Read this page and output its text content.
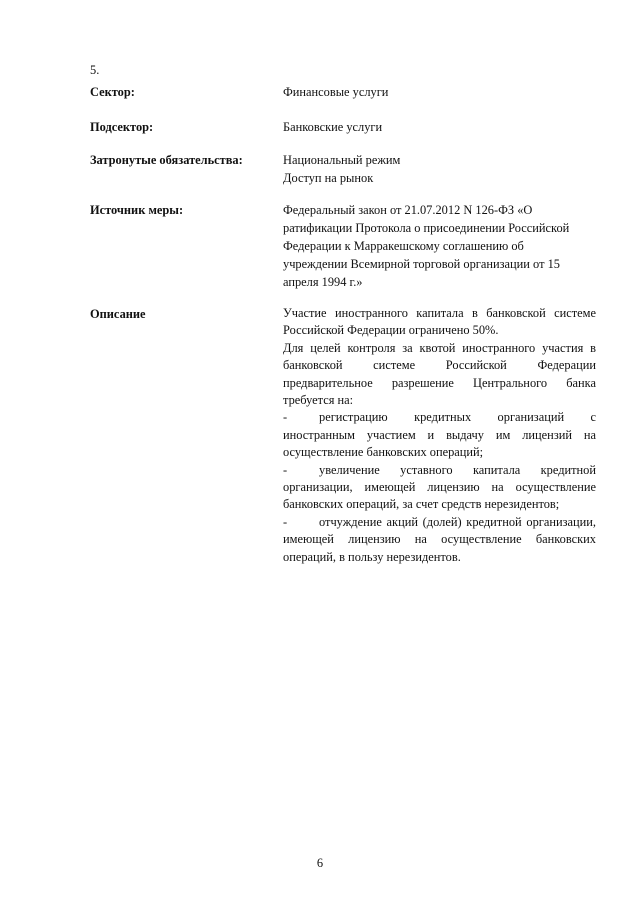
5.
Сектор:	Финансовые услуги
Подсектор:	Банковские услуги
Затронутые обязательства:	Национальный режим
Доступ на рынок
Источник меры:	Федеральный закон от 21.07.2012 N 126-ФЗ «О
ратификации Протокола о присоединении Российской
Федерации к Марракешскому соглашению об
учреждении Всемирной торговой организации от 15
апреля 1994 г.»
Описание	Участие иностранного капитала в банковской системе Российской Федерации ограничено 50%.

Для целей контроля за квотой иностранного участия в банковской системе Российской Федерации предварительное разрешение Центрального банка требуется на:

-	регистрацию кредитных организаций с иностранным участием и выдачу им лицензий на осуществление банковских операций;

-	увеличение уставного капитала кредитной организации, имеющей лицензию на осуществление банковских операций, за счет средств нерезидентов;

-	отчуждение акций (долей) кредитной организации, имеющей лицензию на осуществление банковских операций, в пользу нерезидентов.

6
